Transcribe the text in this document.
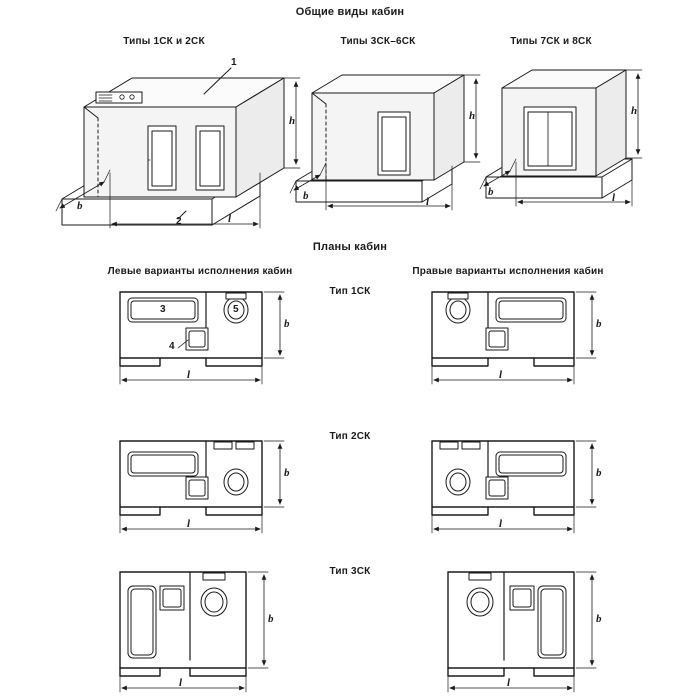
Общие виды кабин
Типы 1СК и 2СК	Типы 3СК–6СК	Типы 7СК и 8СК
Планы кабин
Левые варианты исполнения кабин	Правые варианты исполнения кабин
Тип 1СК
Тип 2СК
Тип 3СК
h
b
l
1
2
h
b	l
h
b	l
3
4
5
b
l
b
l
b
l
b
l
b
l
b
l
